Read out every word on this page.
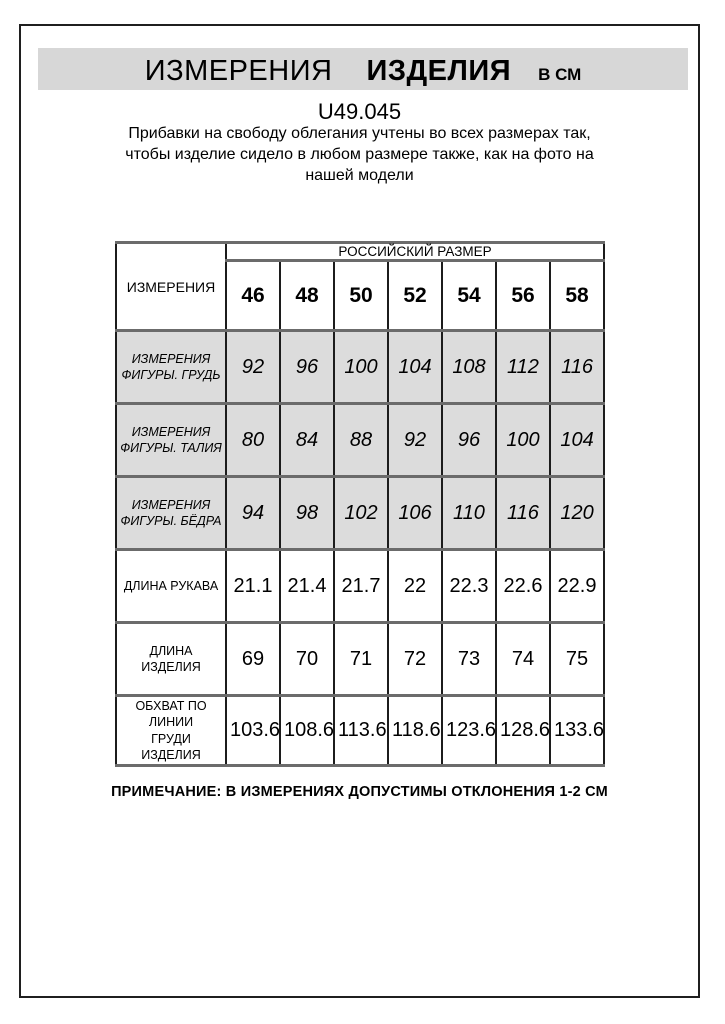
ИЗМЕРЕНИЯ ИЗДЕЛИЯ В СМ
U49.045

Прибавки на свободу облегания учтены во всех размерах так, чтобы изделие сидело в любом размере также, как на фото на нашей модели

ИЗМЕРЕНИЯ	РОССИЙСКИЙ РАЗМЕР						
	46	48	50	52	54	56	58
ИЗМЕРЕНИЯ ФИГУРЫ. ГРУДЬ	92	96	100	104	108	112	116
ИЗМЕРЕНИЯ ФИГУРЫ. ТАЛИЯ	80	84	88	92	96	100	104
ИЗМЕРЕНИЯ ФИГУРЫ. БЁДРА	94	98	102	106	110	116	120
ДЛИНА РУКАВА	21.1	21.4	21.7	22	22.3	22.6	22.9
ДЛИНА ИЗДЕЛИЯ	69	70	71	72	73	74	75
ОБХВАТ ПО ЛИНИИ ГРУДИ ИЗДЕЛИЯ	103.6	108.6	113.6	118.6	123.6	128.6	133.6
ПРИМЕЧАНИЕ: В ИЗМЕРЕНИЯХ ДОПУСТИМЫ ОТКЛОНЕНИЯ 1-2 СМ
